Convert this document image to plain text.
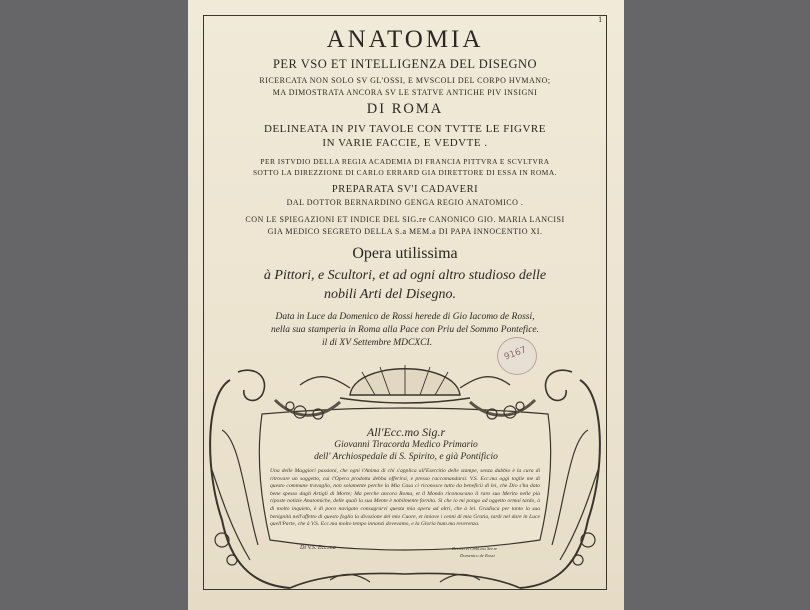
1
ANATOMIA
PER VSO ET INTELLIGENZA DEL DISEGNO
RICERCATA NON SOLO SV GL'OSSI, E MVSCOLI DEL CORPO HVMANO;
MA DIMOSTRATA ANCORA SV LE STATVE ANTICHE PIV INSIGNI
DI ROMA
DELINEATA IN PIV TAVOLE CON TVTTE LE FIGVRE
IN VARIE FACCIE, E VEDVTE .
PER ISTVDIO DELLA REGIA ACADEMIA DI FRANCIA PITTVRA E SCVLTVRA
SOTTO LA DIREZZIONE DI CARLO ERRARD GIA DIRETTORE DI ESSA IN ROMA.
PREPARATA SV'I CADAVERI
DAL DOTTOR BERNARDINO GENGA REGIO ANATOMICO .
CON LE SPIEGAZIONI ET INDICE DEL SIG.re CANONICO GIO. MARIA LANCISI
GIA MEDICO SEGRETO DELLA S.a MEM.a DI PAPA INNOCENTIO XI.
Opera utilissima
à Pittori, e Scultori, et ad ogni altro studioso delle
nobili Arti del Disegno.
Data in Luce da Domenico de Rossi herede di Gio Iacomo de Rossi,
nella sua stamperia in Roma alla Pace con Priu del Sommo Pontefice.
il di XV Settembre MDCXCI.
9167
All'Ecc.mo Sig.r
Giovanni Tiracorda Medico Primario
dell' Archiospedale di S. Spirito, e già Pontificio
Una delle Maggiori passioni, che ogni l'Anima di chi s'applica all'Esercitio delle stampe, senza dubbio è la cura di ritrovare un soggetto, cui l'Opera prodotta debba offerirsi, e presso raccomandarsi. V.S. Ecc.ma oggi toglie me di questo commune travaglio, non solamente perche la Mia Casa ci riconosce tutto da beneficii di lei, che Dio s'ha dato bene spesso dagli Artigli di Morte; Ma perche ancora Roma, et il Mondo riconoscano il raro suo Merito nelle più riposte notizie Anatomiche, delle quali la sua Mente è nobilmente fornita. Sì che io mi pongo ad oggetto ormai tardo, à di molto inquieto, è di poco navigato consagrarvi questa mia opera ad altri, che à lei. Gradisca per tanto la sua benignità nell'affetto di questo foglio la divozione del mio Cuore, et imiove i cenni di mia Gratia, tardi nel dare in Luce quell'Parte, che à V.S. Ecc.ma molto tempo innanzi dovevamo, e la Gloria hum.ma reverenza.
Di V.S. Ecc.ma	Div.mo et Obbl.mo Ser.re
Domenico de Rossi
